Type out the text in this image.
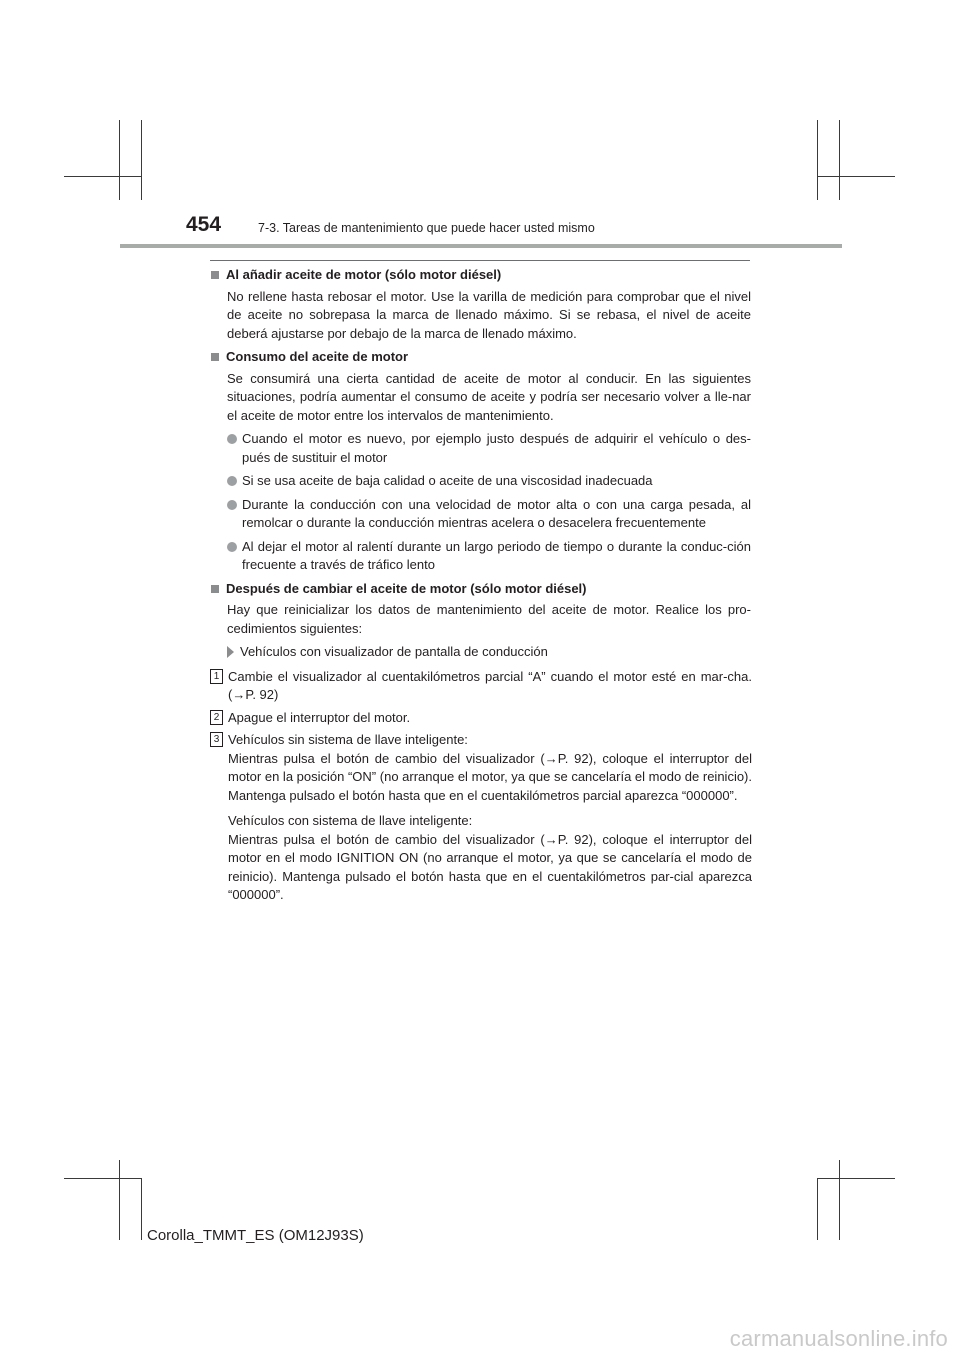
454	7-3. Tareas de mantenimiento que puede hacer usted mismo
Al añadir aceite de motor (sólo motor diésel)

No rellene hasta rebosar el motor. Use la varilla de medición para comprobar que el nivel de aceite no sobrepasa la marca de llenado máximo. Si se rebasa, el nivel de aceite deberá ajustarse por debajo de la marca de llenado máximo.

Consumo del aceite de motor

Se consumirá una cierta cantidad de aceite de motor al conducir. En las siguientes situaciones, podría aumentar el consumo de aceite y podría ser necesario volver a lle-nar el aceite de motor entre los intervalos de mantenimiento.

Cuando el motor es nuevo, por ejemplo justo después de adquirir el vehículo o des-pués de sustituir el motor
Si se usa aceite de baja calidad o aceite de una viscosidad inadecuada
Durante la conducción con una velocidad de motor alta o con una carga pesada, al remolcar o durante la conducción mientras acelera o desacelera frecuentemente
Al dejar el motor al ralentí durante un largo periodo de tiempo o durante la conduc-ción frecuente a través de tráfico lento
Después de cambiar el aceite de motor (sólo motor diésel)

Hay que reinicializar los datos de mantenimiento del aceite de motor. Realice los pro-cedimientos siguientes:

Vehículos con visualizador de pantalla de conducción
1 Cambie el visualizador al cuentakilómetros parcial “A” cuando el motor esté en mar-cha. (→P. 92)
2 Apague el interruptor del motor.
3 Vehículos sin sistema de llave inteligente:
Mientras pulsa el botón de cambio del visualizador (→P. 92), coloque el interruptor del motor en la posición “ON” (no arranque el motor, ya que se cancelaría el modo de reinicio). Mantenga pulsado el botón hasta que en el cuentakilómetros parcial aparezca “000000”.
Vehículos con sistema de llave inteligente:
Mientras pulsa el botón de cambio del visualizador (→P. 92), coloque el interruptor del motor en el modo IGNITION ON (no arranque el motor, ya que se cancelaría el modo de reinicio). Mantenga pulsado el botón hasta que en el cuentakilómetros par-cial aparezca “000000”.
Corolla_TMMT_ES (OM12J93S)
carmanualsonline.info
